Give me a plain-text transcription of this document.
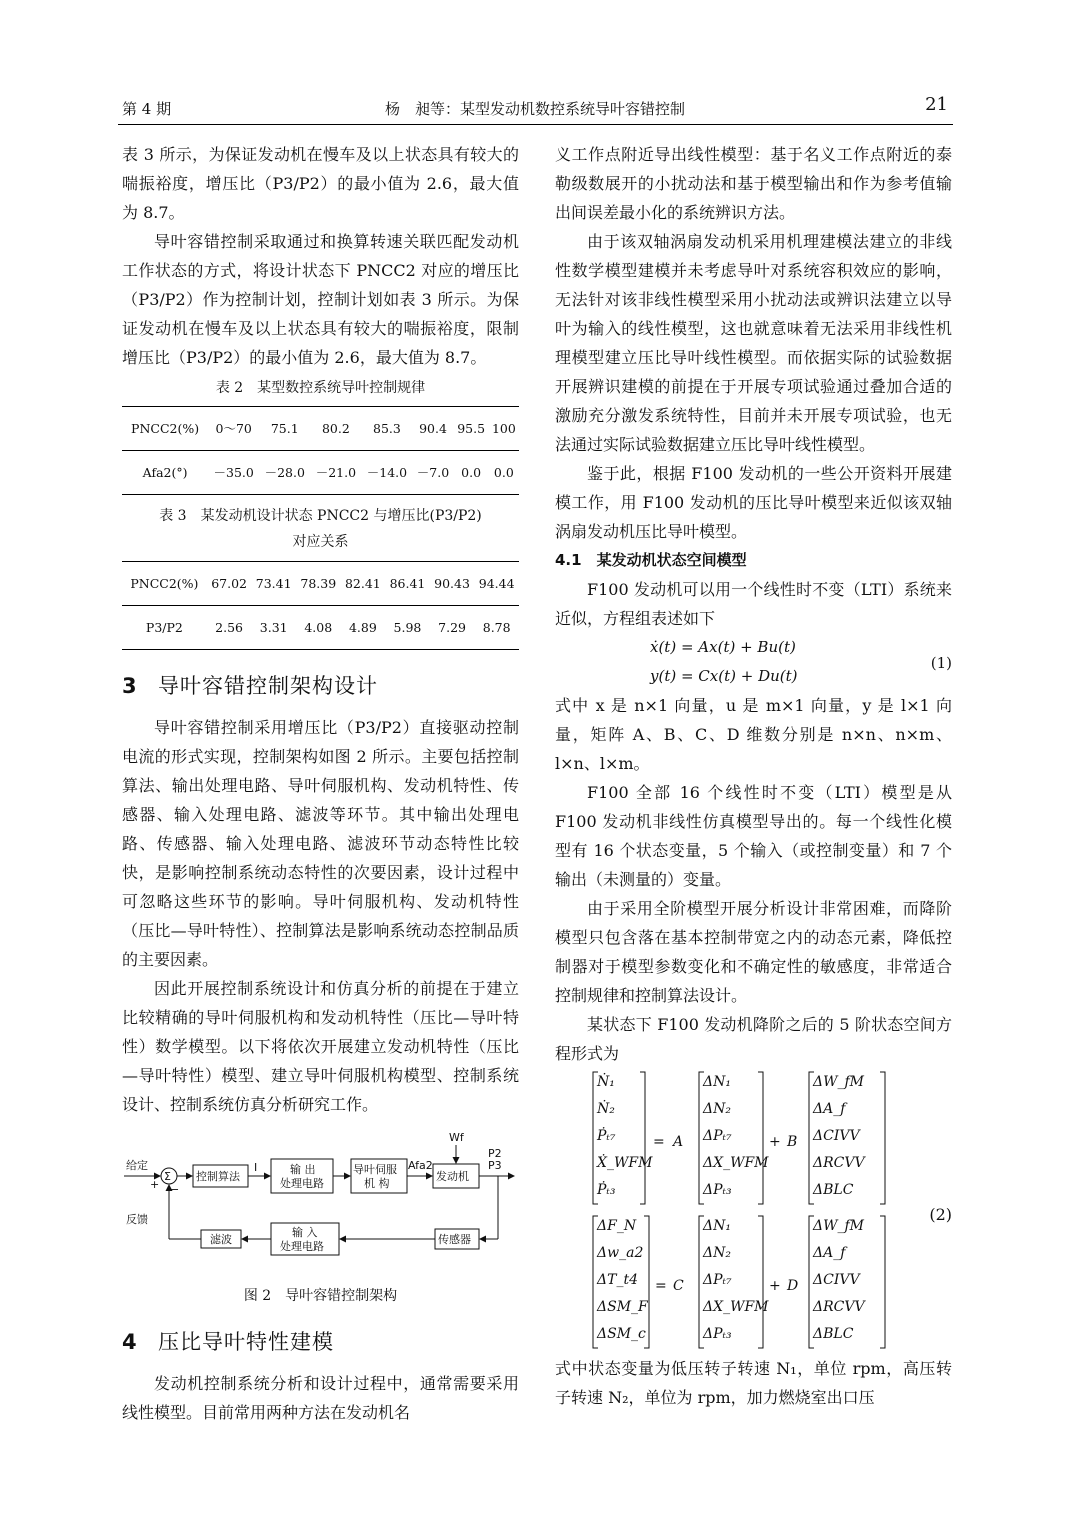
第 4 期	杨　昶等：某型发动机数控系统导叶容错控制	21

表 3 所示，为保证发动机在慢车及以上状态具有较大的喘振裕度，增压比（P3/P2）的最小值为 2.6，最大值为 8.7。

导叶容错控制采取通过和换算转速关联匹配发动机工作状态的方式，将设计状态下 PNCC2 对应的增压比（P3/P2）作为控制计划，控制计划如表 3 所示。为保证发动机在慢车及以上状态具有较大的喘振裕度，限制增压比（P3/P2）的最小值为 2.6，最大值为 8.7。

表 2　某型数控系统导叶控制规律
PNCC2(%)	0～70	75.1	80.2	85.3	90.4	95.5	100
Afa2(°)	－35.0	－28.0	－21.0	－14.0	－7.0	0.0	0.0
表 3　某发动机设计状态 PNCC2 与增压比(P3/P2)
对应关系
PNCC2(%)	67.02	73.41	78.39	82.41	86.41	90.43	94.44
P3/P2	2.56	3.31	4.08	4.89	5.98	7.29	8.78
3 导叶容错控制架构设计

导叶容错控制采用增压比（P3/P2）直接驱动控制电流的形式实现，控制架构如图 2 所示。主要包括控制算法、输出处理电路、导叶伺服机构、发动机特性、传感器、输入处理电路、滤波等环节。其中输出处理电路、传感器、输入处理电路、滤波环节动态特性比较快，是影响控制系统动态特性的次要因素，设计过程中可忽略这些环节的影响。导叶伺服机构、发动机特性（压比—导叶特性）、控制算法是影响系统动态控制品质的主要因素。

因此开展控制系统设计和仿真分析的前提在于建立比较精确的导叶伺服机构和发动机特性（压比—导叶特性）数学模型。以下将依次开展建立发动机特性（压比—导叶特性）模型、建立导叶伺服机构模型、控制系统设计、控制系统仿真分析研究工作。

给定
+
Σ
−
控制算法
I	输 出
处理电路
导叶伺服
机 构
Afa2
发动机
Wf
P2
P3
传感器
输 入
处理电路
滤波
反馈
图 2　导叶容错控制架构
4 压比导叶特性建模

发动机控制系统分析和设计过程中，通常需要采用线性模型。目前常用两种方法在发动机名

义工作点附近导出线性模型：基于名义工作点附近的泰勒级数展开的小扰动法和基于模型输出和作为参考值输出间误差最小化的系统辨识方法。

由于该双轴涡扇发动机采用机理建模法建立的非线性数学模型建模并未考虑导叶对系统容积效应的影响，无法针对该非线性模型采用小扰动法或辨识法建立以导叶为输入的线性模型，这也就意味着无法采用非线性机理模型建立压比导叶线性模型。而依据实际的试验数据开展辨识建模的前提在于开展专项试验通过叠加合适的激励充分激发系统特性，目前并未开展专项试验，也无法通过实际试验数据建立压比导叶线性模型。

鉴于此，根据 F100 发动机的一些公开资料开展建模工作，用 F100 发动机的压比导叶模型来近似该双轴涡扇发动机压比导叶模型。

4.1　某发动机状态空间模型

F100 发动机可以用一个线性时不变（LTI）系统来近似，方程组表述如下

ẋ(t) = Ax(t) + Bu(t)
y(t) = Cx(t) + Du(t)
(1)

式中 x 是 n×1 向量，u 是 m×1 向量，y 是 l×1 向量，矩阵 A、B、C、D 维数分别是 n×n、n×m、l×n、l×m。

F100 全部 16 个线性时不变（LTI）模型是从 F100 发动机非线性仿真模型导出的。每一个线性化模型有 16 个状态变量，5 个输入（或控制变量）和 7 个输出（未测量的）变量。

由于采用全阶模型开展分析设计非常困难，而降阶模型只包含落在基本控制带宽之内的动态元素，降低控制器对于模型参数变化和不确定性的敏感度，非常适合控制规律和控制算法设计。

某状态下 F100 发动机降阶之后的 5 阶状态空间方程形式为

Ṅ₁
Ṅ₂
Ṗₜ₇
Ẋ_WFM
Ṗₜ₃
= A
ΔN₁
ΔN₂
ΔPₜ₇
ΔX_WFM
ΔPₜ₃
+ B
ΔW_fM
ΔA_f
ΔCIVV
ΔRCVV
ΔBLC
ΔF_N
Δw_a2
ΔT_t4
ΔSM_F
ΔSM_c
= C
ΔN₁
ΔN₂
ΔPₜ₇
ΔX_WFM
ΔPₜ₃
+ D
ΔW_fM
ΔA_f
ΔCIVV
ΔRCVV
ΔBLC
(2)

式中状态变量为低压转子转速 N₁，单位 rpm，高压转子转速 N₂，单位为 rpm，加力燃烧室出口压
